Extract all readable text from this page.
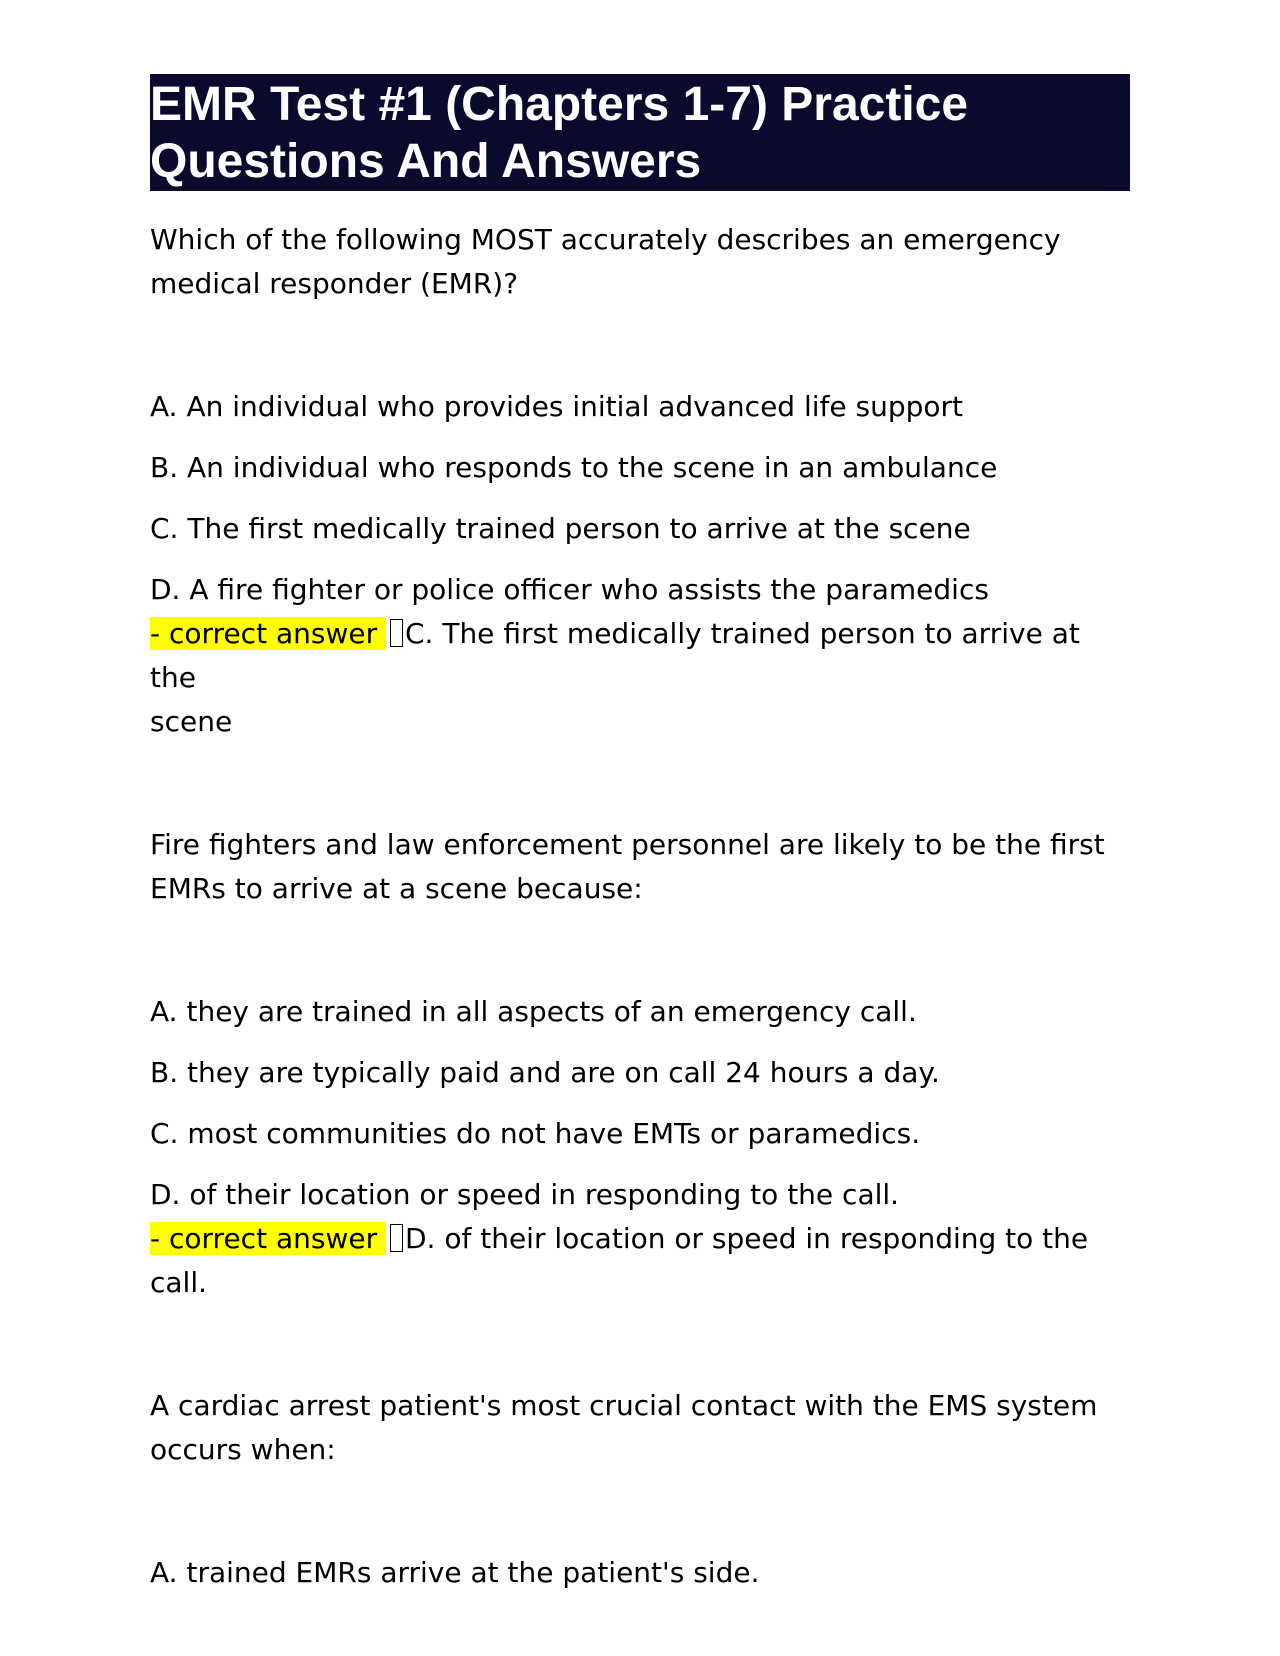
EMR Test #1 (Chapters 1-7) Practice
Questions And Answers

Which of the following MOST accurately describes an emergency
medical responder (EMR)?

A. An individual who provides initial advanced life support

B. An individual who responds to the scene in an ambulance

C. The first medically trained person to arrive at the scene

D. A fire fighter or police officer who assists the paramedics

- correct answer C. The first medically trained person to arrive at the
scene

Fire fighters and law enforcement personnel are likely to be the first
EMRs to arrive at a scene because:

A. they are trained in all aspects of an emergency call.

B. they are typically paid and are on call 24 hours a day.

C. most communities do not have EMTs or paramedics.

D. of their location or speed in responding to the call.

- correct answer D. of their location or speed in responding to the call.

A cardiac arrest patient's most crucial contact with the EMS system
occurs when:

A. trained EMRs arrive at the patient's side.
